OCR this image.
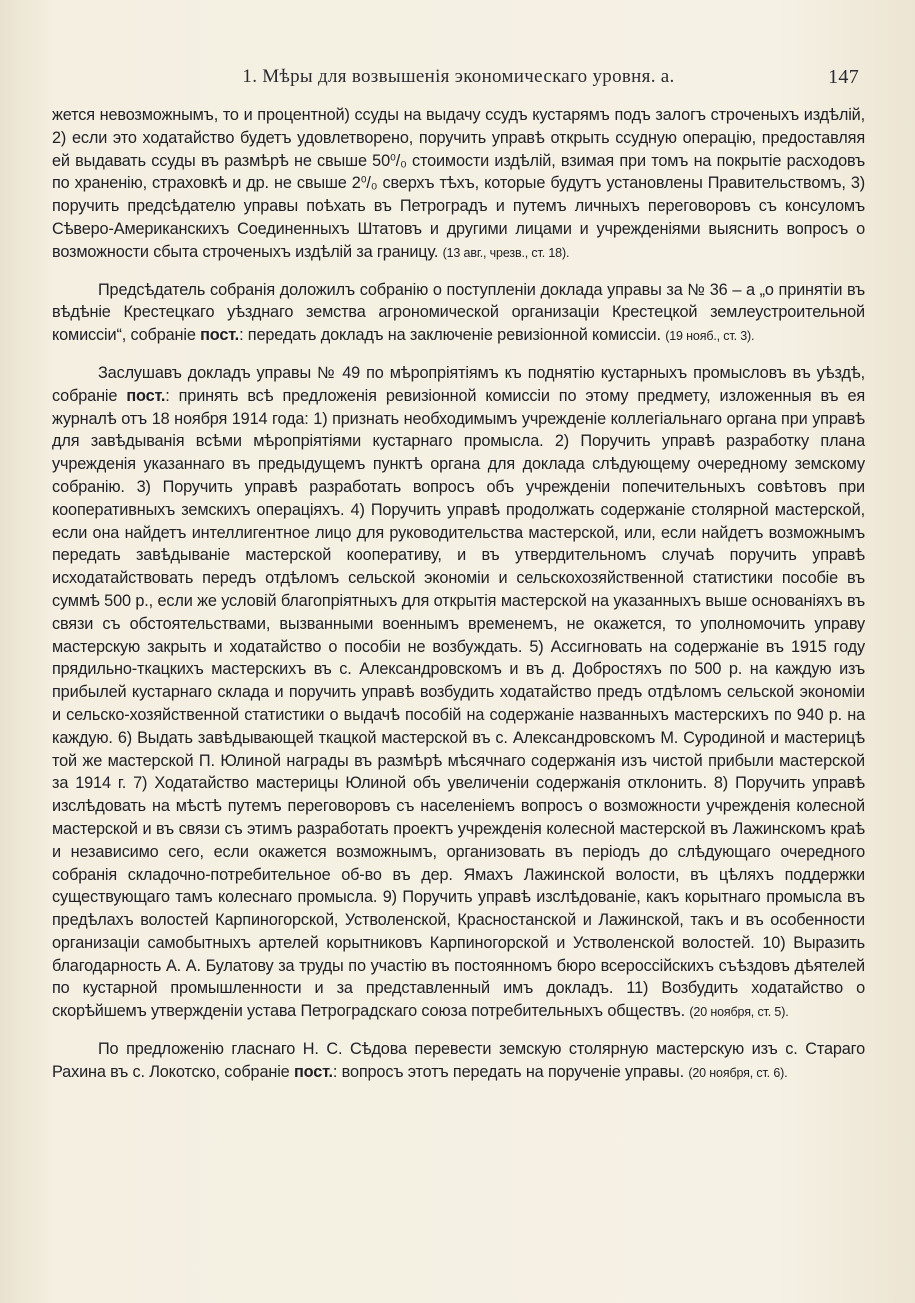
1. Мѣры для возвышенія экономическаго уровня. а.	147

жется невозможнымъ, то и процентной) ссуды на выдачу ссудъ кустарямъ подъ залогъ строченыхъ издѣлій, 2) если это ходатайство будетъ удовлетворено, поручить управѣ открыть ссудную операцію, предоставляя ей выдавать ссуды въ размѣрѣ не свыше 50⁰/₀ стоимости издѣлій, взимая при томъ на покрытіе расходовъ по храненію, страховкѣ и др. не свыше 2⁰/₀ сверхъ тѣхъ, которые будутъ установлены Правительствомъ, 3) поручить предсѣдателю управы поѣхать въ Петроградъ и путемъ личныхъ переговоровъ съ консуломъ Сѣверо-Американскихъ Соединенныхъ Штатовъ и другими лицами и учрежденіями выяснить вопросъ о возможности сбыта строченыхъ издѣлій за границу. (13 авг., чрезв., ст. 18).

Предсѣдатель собранія доложилъ собранію о поступленіи доклада управы за № 36 – а „о принятіи въ вѣдѣніе Крестецкаго уѣзднаго земства агрономической организаціи Крестецкой землеустроительной комиссіи“, собраніе пост.: передать докладъ на заключеніе ревизіонной комиссіи. (19 нояб., ст. 3).

Заслушавъ докладъ управы № 49 по мѣропріятіямъ къ поднятію кустарныхъ промысловъ въ уѣздѣ, собраніе пост.: принять всѣ предложенія ревизіонной комиссіи по этому предмету, изложенныя въ ея журналѣ отъ 18 ноября 1914 года: 1) признать необходимымъ учрежденіе коллегіальнаго органа при управѣ для завѣдыванія всѣми мѣропріятіями кустарнаго промысла. 2) Поручить управѣ разработку плана учрежденія указаннаго въ предыдущемъ пунктѣ органа для доклада слѣдующему очередному земскому собранію. 3) Поручить управѣ разработать вопросъ объ учрежденіи попечительныхъ совѣтовъ при кооперативныхъ земскихъ операціяхъ. 4) Поручить управѣ продолжать содержаніе столярной мастерской, если она найдетъ интеллигентное лицо для руководительства мастерской, или, если найдетъ возможнымъ передать завѣдываніе мастерской кооперативу, и въ утвердительномъ случаѣ поручить управѣ исходатайствовать передъ отдѣломъ сельской экономіи и сельскохозяйственной статистики пособіе въ суммѣ 500 р., если же условій благопріятныхъ для открытія мастерской на указанныхъ выше основаніяхъ въ связи съ обстоятельствами, вызванными военнымъ временемъ, не окажется, то уполномочить управу мастерскую закрыть и ходатайство о пособіи не возбуждать. 5) Ассигновать на содержаніе въ 1915 году прядильно-ткацкихъ мастерскихъ въ с. Александровскомъ и въ д. Добростяхъ по 500 р. на каждую изъ прибылей кустарнаго склада и поручить управѣ возбудить ходатайство предъ отдѣломъ сельской экономіи и сельско-хозяйственной статистики о выдачѣ пособій на содержаніе названныхъ мастерскихъ по 940 р. на каждую. 6) Выдать завѣдывающей ткацкой мастерской въ с. Александровскомъ М. Суродиной и мастерицѣ той же мастерской П. Юлиной награды въ размѣрѣ мѣсячнаго содержанія изъ чистой прибыли мастерской за 1914 г. 7) Ходатайство мастерицы Юлиной объ увеличеніи содержанія отклонить. 8) Поручить управѣ изслѣдовать на мѣстѣ путемъ переговоровъ съ населеніемъ вопросъ о возможности учрежденія колесной мастерской и въ связи съ этимъ разработать проектъ учрежденія колесной мастерской въ Лажинскомъ краѣ и независимо сего, если окажется возможнымъ, организовать въ періодъ до слѣдующаго очередного собранія складочно-потребительное об-во въ дер. Ямахъ Лажинской волости, въ цѣляхъ поддержки существующаго тамъ колеснаго промысла. 9) Поручить управѣ изслѣдованіе, какъ корытнаго промысла въ предѣлахъ волостей Карпиногорской, Устволенской, Красностанской и Лажинской, такъ и въ особенности организаціи самобытныхъ артелей корытниковъ Карпиногорской и Устволенской волостей. 10) Выразить благодарность А. А. Булатову за труды по участію въ постоянномъ бюро всероссійскихъ съѣздовъ дѣятелей по кустарной промышленности и за представленный имъ докладъ. 11) Возбудить ходатайство о скорѣйшемъ утвержденіи устава Петроградскаго союза потребительныхъ обществъ. (20 ноября, ст. 5).

По предложенію гласнаго Н. С. Сѣдова перевести земскую столярную мастерскую изъ с. Стараго Рахина въ с. Локотско, собраніе пост.: вопросъ этотъ передать на порученіе управы. (20 ноября, ст. 6).
